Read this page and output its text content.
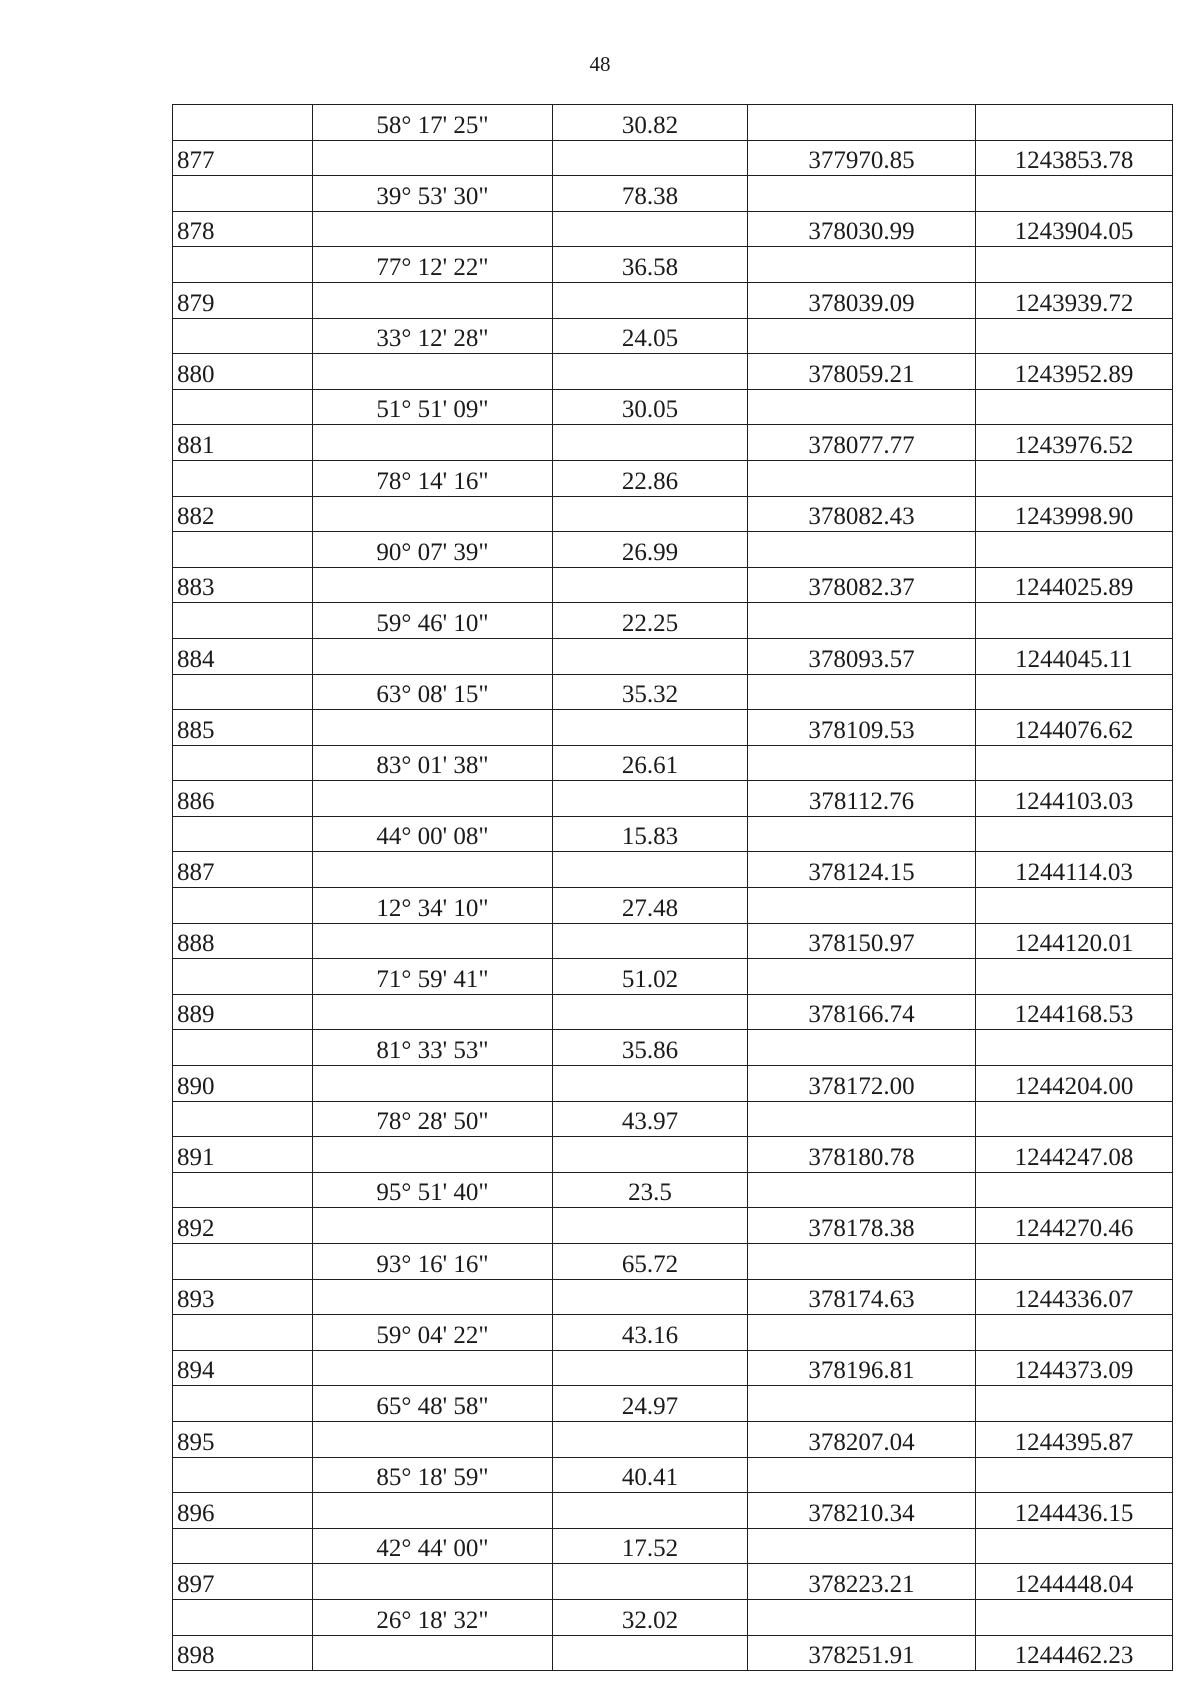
48
	58° 17' 25"	30.82		
877			377970.85	1243853.78
	39° 53' 30"	78.38		
878			378030.99	1243904.05
	77° 12' 22"	36.58		
879			378039.09	1243939.72
	33° 12' 28"	24.05		
880			378059.21	1243952.89
	51° 51' 09"	30.05		
881			378077.77	1243976.52
	78° 14' 16"	22.86		
882			378082.43	1243998.90
	90° 07' 39"	26.99		
883			378082.37	1244025.89
	59° 46' 10"	22.25		
884			378093.57	1244045.11
	63° 08' 15"	35.32		
885			378109.53	1244076.62
	83° 01' 38"	26.61		
886			378112.76	1244103.03
	44° 00' 08"	15.83		
887			378124.15	1244114.03
	12° 34' 10"	27.48		
888			378150.97	1244120.01
	71° 59' 41"	51.02		
889			378166.74	1244168.53
	81° 33' 53"	35.86		
890			378172.00	1244204.00
	78° 28' 50"	43.97		
891			378180.78	1244247.08
	95° 51' 40"	23.5		
892			378178.38	1244270.46
	93° 16' 16"	65.72		
893			378174.63	1244336.07
	59° 04' 22"	43.16		
894			378196.81	1244373.09
	65° 48' 58"	24.97		
895			378207.04	1244395.87
	85° 18' 59"	40.41		
896			378210.34	1244436.15
	42° 44' 00"	17.52		
897			378223.21	1244448.04
	26° 18' 32"	32.02		
898			378251.91	1244462.23
